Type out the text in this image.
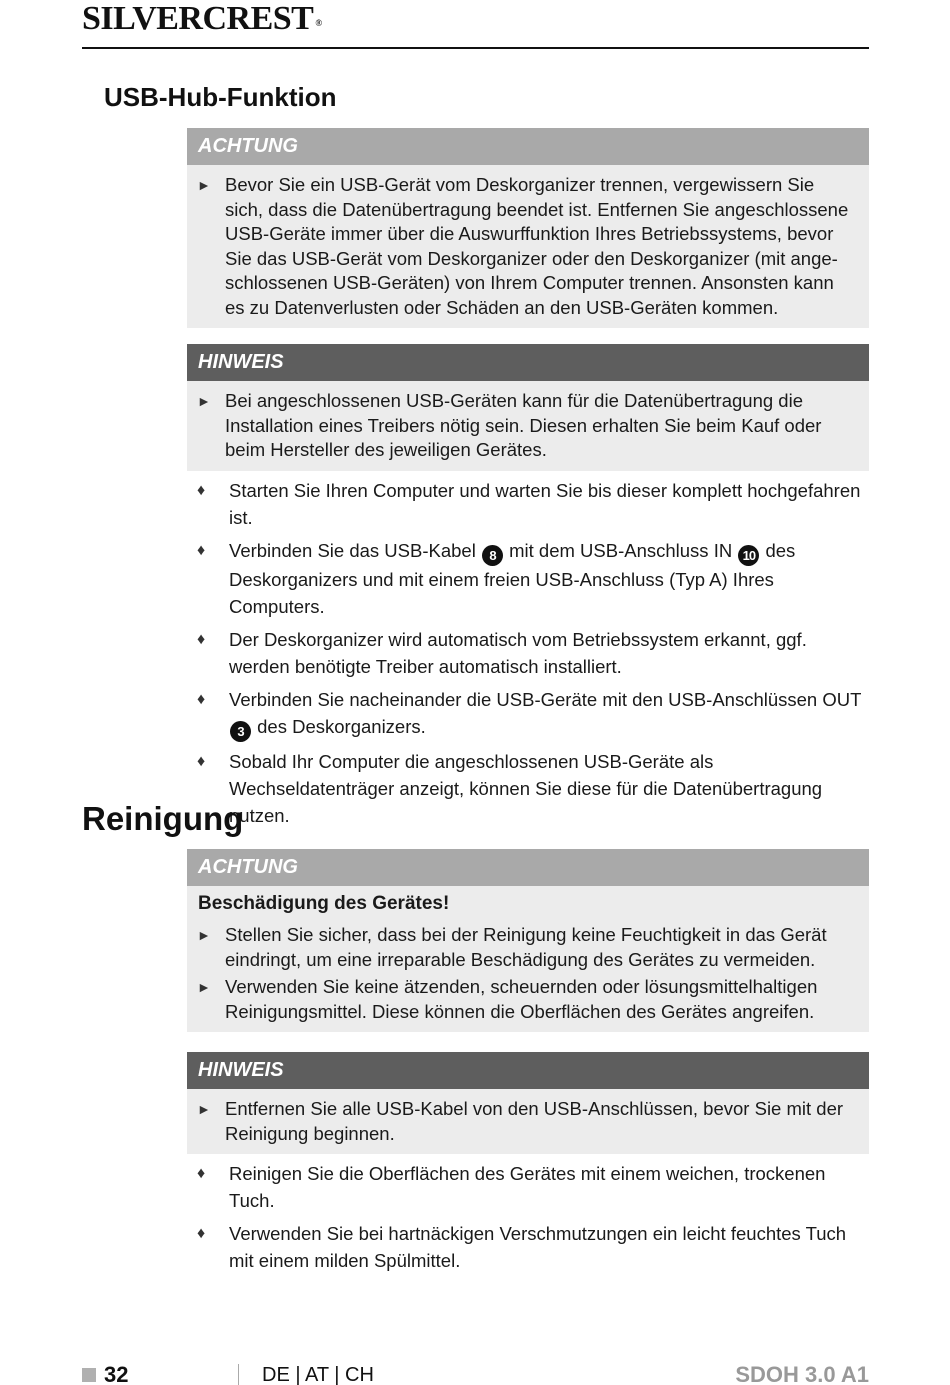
SILVERCREST ®
USB-Hub-Funktion
ACHTUNG
► Bevor Sie ein USB-Gerät vom Deskorganizer trennen, vergewissern Sie sich, dass die Datenübertragung beendet ist. Entfernen Sie angeschlossene USB-Geräte immer über die Auswurffunktion Ihres Betriebssystems, bevor Sie das USB-Gerät vom Deskorganizer oder den Deskorganizer (mit ange-schlossenen USB-Geräten) von Ihrem Computer trennen. Ansonsten kann es zu Datenverlusten oder Schäden an den USB-Geräten kommen.
HINWEIS
► Bei angeschlossenen USB-Geräten kann für die Datenübertragung die Installation eines Treibers nötig sein. Diesen erhalten Sie beim Kauf oder beim Hersteller des jeweiligen Gerätes.
♦ Starten Sie Ihren Computer und warten Sie bis dieser komplett hochgefahren ist.
♦ Verbinden Sie das USB-Kabel 8 mit dem USB-Anschluss IN 10 des Deskorganizers und mit einem freien USB-Anschluss (Typ A) Ihres Computers.
♦ Der Deskorganizer wird automatisch vom Betriebssystem erkannt, ggf. werden benötigte Treiber automatisch installiert.
♦ Verbinden Sie nacheinander die USB-Geräte mit den USB-Anschlüssen OUT 3 des Deskorganizers.
♦ Sobald Ihr Computer die angeschlossenen USB-Geräte als Wechseldatenträger anzeigt, können Sie diese für die Datenübertragung nutzen.
Reinigung
ACHTUNG
Beschädigung des Gerätes!
► Stellen Sie sicher, dass bei der Reinigung keine Feuchtigkeit in das Gerät eindringt, um eine irreparable Beschädigung des Gerätes zu vermeiden.
► Verwenden Sie keine ätzenden, scheuernden oder lösungsmittelhaltigen Reinigungsmittel. Diese können die Oberflächen des Gerätes angreifen.
HINWEIS
► Entfernen Sie alle USB-Kabel von den USB-Anschlüssen, bevor Sie mit der Reinigung beginnen.
♦ Reinigen Sie die Oberflächen des Gerätes mit einem weichen, trockenen Tuch.
♦ Verwenden Sie bei hartnäckigen Verschmutzungen ein leicht feuchtes Tuch mit einem milden Spülmittel.
32	DE | AT | CH	SDOH 3.0 A1
